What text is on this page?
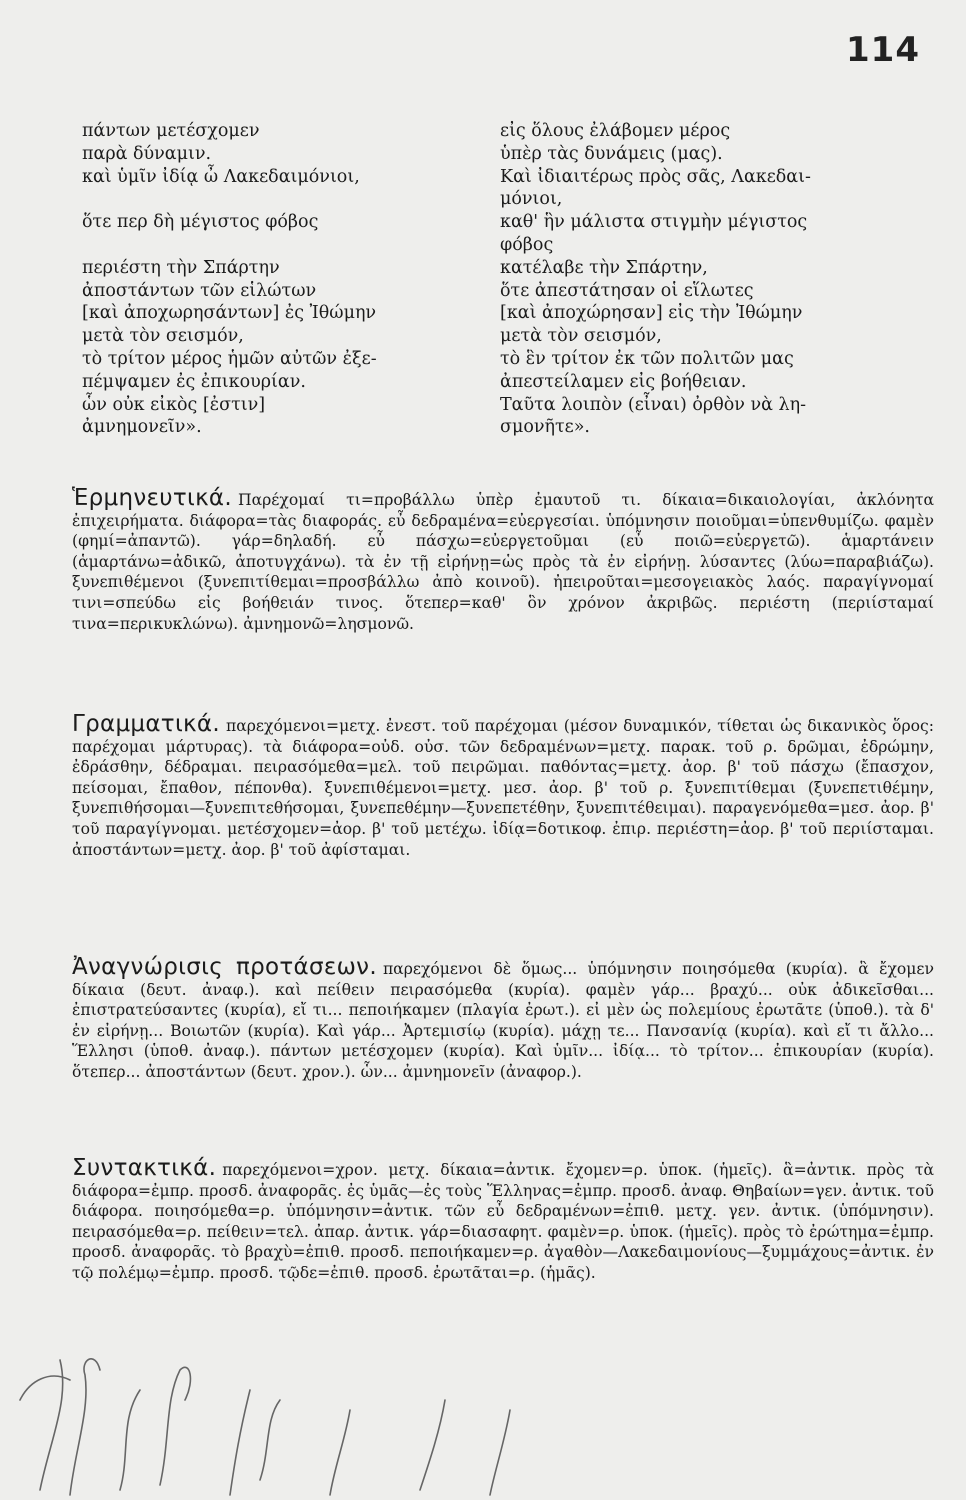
114
πάντων μετέσχομεν
παρὰ δύναμιν.
καὶ ὑμῖν ἰδίᾳ ὦ Λακεδαιμόνιοι,
ὅτε περ δὴ μέγιστος φόβος
περιέστη τὴν Σπάρτην
ἀποστάντων τῶν εἱλώτων
[καὶ ἀποχωρησάντων] ἐς Ἰθώμην
μετὰ τὸν σεισμόν,
τὸ τρίτον μέρος ἡμῶν αὐτῶν ἐξε-
πέμψαμεν ἐς ἐπικουρίαν.
ὧν οὐκ εἰκὸς [ἐστιν]
ἀμνημονεῖν».
εἰς ὅλους ἐλάβομεν μέρος
ὑπὲρ τὰς δυνάμεις (μας).
Καὶ ἰδιαιτέρως πρὸς σᾶς, Λακεδαι-
μόνιοι,
καθ' ἣν μάλιστα στιγμὴν μέγιστος
φόβος
κατέλαβε τὴν Σπάρτην,
ὅτε ἀπεστάτησαν οἱ εἵλωτες
[καὶ ἀποχώρησαν] εἰς τὴν Ἰθώμην
μετὰ τὸν σεισμόν,
τὸ ἓν τρίτον ἐκ τῶν πολιτῶν μας
ἀπεστείλαμεν εἰς βοήθειαν.
Ταῦτα λοιπὸν (εἶναι) ὀρθὸν νὰ λη-
σμονῆτε».

Ἑρμηνευτικά. Παρέχομαί τι=προβάλλω ὑπὲρ ἐμαυτοῦ τι. δίκαια=δικαιολογίαι, ἀκλόνητα ἐπιχειρήματα. διάφορα=τὰς διαφοράς. εὖ δεδραμένα=εὐεργεσίαι. ὑπόμνησιν ποιοῦμαι=ὑπενθυμίζω. φαμὲν (φημί=ἀπαντῶ). γάρ=δηλαδή. εὖ πάσχω=εὐεργετοῦμαι (εὖ ποιῶ=εὐεργετῶ). ἁμαρτάνειν (ἁμαρτάνω=ἀδικῶ, ἀποτυγχάνω). τὰ ἐν τῇ εἰρήνῃ=ὡς πρὸς τὰ ἐν εἰρήνῃ. λύσαντες (λύω=παραβιάζω). ξυνεπιθέμενοι (ξυνεπιτίθεμαι=προσβάλλω ἀπὸ κοινοῦ). ἠπειροῦται=μεσογειακὸς λαός. παραγίγνομαί τινι=σπεύδω εἰς βοήθειάν τινος. ὅτεπερ=καθ' ὃν χρόνον ἀκριβῶς. περιέστη (περιίσταμαί τινα=περικυκλώνω). ἀμνημονῶ=λησμονῶ.

Γραμματικά. παρεχόμενοι=μετχ. ἐνεστ. τοῦ παρέχομαι (μέσον δυναμικόν, τίθεται ὡς δικανικὸς ὅρος: παρέχομαι μάρτυρας). τὰ διάφορα=οὐδ. οὐσ. τῶν δεδραμένων=μετχ. παρακ. τοῦ ρ. δρῶμαι, ἐδρώμην, ἐδράσθην, δέδραμαι. πειρασόμεθα=μελ. τοῦ πειρῶμαι. παθόντας=μετχ. ἀορ. β' τοῦ πάσχω (ἔπασχον, πείσομαι, ἔπαθον, πέπονθα). ξυνεπιθέμενοι=μετχ. μεσ. ἀορ. β' τοῦ ρ. ξυνεπιτίθεμαι (ξυνεπετιθέμην, ξυνεπιθήσομαι—ξυνεπιτεθήσομαι, ξυνεπεθέμην—ξυνεπετέθην, ξυνεπιτέθειμαι). παραγενόμεθα=μεσ. ἀορ. β' τοῦ παραγίγνομαι. μετέσχομεν=ἀορ. β' τοῦ μετέχω. ἰδίᾳ=δοτικοφ. ἐπιρ. περιέστη=ἀορ. β' τοῦ περιίσταμαι. ἀποστάντων=μετχ. ἀορ. β' τοῦ ἀφίσταμαι.

Ἀναγνώρισις προτάσεων. παρεχόμενοι δὲ ὅμως... ὑπόμνησιν ποιησόμεθα (κυρία). ἃ ἔχομεν δίκαια (δευτ. ἀναφ.). καὶ πείθειν πειρασόμεθα (κυρία). φαμὲν γάρ... βραχύ... οὐκ ἀδικεῖσθαι... ἐπιστρατεύσαντες (κυρία), εἴ τι... πεποιήκαμεν (πλαγία ἐρωτ.). εἰ μὲν ὡς πολεμίους ἐρωτᾶτε (ὑποθ.). τὰ δ' ἐν εἰρήνῃ... Βοιωτῶν (κυρία). Καὶ γάρ... Ἀρτεμισίῳ (κυρία). μάχῃ τε... Πανσανίᾳ (κυρία). καὶ εἴ τι ἄλλο... Ἕλλησι (ὑποθ. ἀναφ.). πάντων μετέσχομεν (κυρία). Καὶ ὑμῖν... ἰδίᾳ... τὸ τρίτον... ἐπικουρίαν (κυρία). ὅτεπερ... ἀποστάντων (δευτ. χρον.). ὧν... ἀμνημονεῖν (ἀναφορ.).

Συντακτικά. παρεχόμενοι=χρον. μετχ. δίκαια=ἀντικ. ἔχομεν=ρ. ὑποκ. (ἡμεῖς). ἃ=ἀντικ. πρὸς τὰ διάφορα=ἐμπρ. προσδ. ἀναφορᾶς. ἐς ὑμᾶς—ἐς τοὺς Ἕλληνας=ἐμπρ. προσδ. ἀναφ. Θηβαίων=γεν. ἀντικ. τοῦ διάφορα. ποιησόμεθα=ρ. ὑπόμνησιν=ἀντικ. τῶν εὖ δεδραμένων=ἐπιθ. μετχ. γεν. ἀντικ. (ὑπόμνησιν). πειρασόμεθα=ρ. πείθειν=τελ. ἀπαρ. ἀντικ. γάρ=διασαφητ. φαμὲν=ρ. ὑποκ. (ἡμεῖς). πρὸς τὸ ἐρώτημα=ἐμπρ. προσδ. ἀναφορᾶς. τὸ βραχὺ=ἐπιθ. προσδ. πεποιήκαμεν=ρ. ἀγαθὸν—Λακεδαιμονίους—ξυμμάχους=ἀντικ. ἐν τῷ πολέμῳ=ἐμπρ. προσδ. τῷδε=ἐπιθ. προσδ. ἐρωτᾶται=ρ. (ἡμᾶς).
